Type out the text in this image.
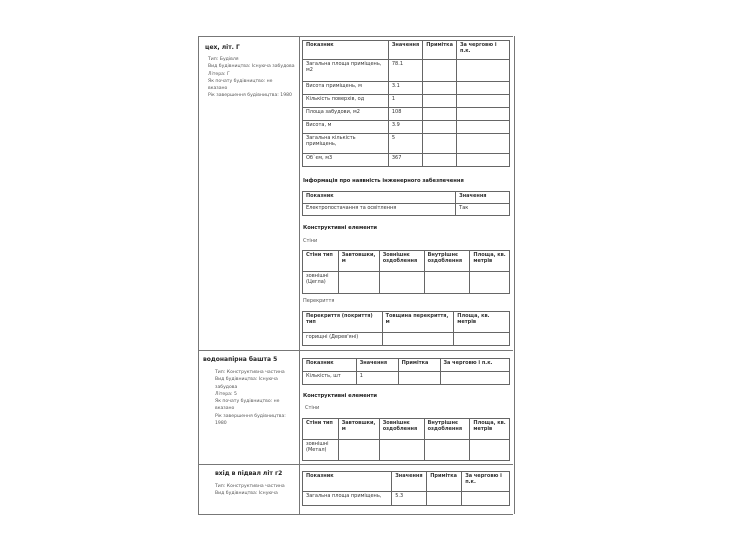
цех, літ. Г
Тип: Будівля
Вид будівництва: Існуюча забудова
Літера: Г
Як почату будівництво: не
вказано
Рік завершення будівництва: 1980
Показник	Значення	Примітка	За черговю і п.к.
Загальна площа приміщень, м2	78.1		
Висота приміщень, м	3.1		
Кількість поверхів, од	1		
Площа забудови, м2	108		
Висота, м	3.9		
Загальна кількість приміщень,	5		
Об`єм, м3	367		
Інформація про наявність інженерного забезпечення
Показник	Значення
Електропостачання та освітлення	Так
Конструктивні елементи
Стіни
Стіни тип	Завтовшки, м	Зовнішнє оздоблення	Внутрішнє оздоблення	Площа, кв. метрів
зовнішні (Цегла)				
Перекриття
Перекриття (покриття) тип	Товщина перекриття, м	Площа, кв. метрів
горищні (Дерев'яні)		
водонапірна башта 5
Тип: Конструктивна частина
Вид будівництва: Існуюча
забудова
Літера: 5
Як почату будівництво: не
вказано
Рік завершення будівництва:
1980
Показник	Значення	Примітка	За черговю і п.к.
Кількість, шт	1		
Конструктивні елементи
Стіни
Стіни тип	Завтовшки, м	Зовнішнє оздоблення	Внутрішнє оздоблення	Площа, кв. метрів
зовнішні (Метал)				
вхід в підвал літ г2
Тип: Конструктивна частина
Вид будівництва: Існуюча
Показник	Значення	Примітка	За черговю і п.к.
Загальна площа приміщень,	5.3		
